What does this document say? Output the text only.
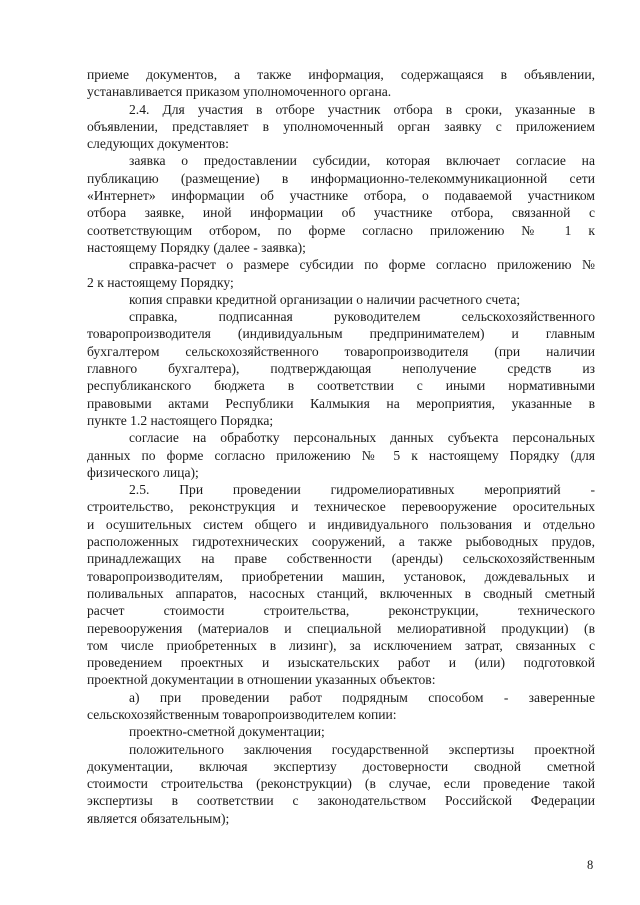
приеме документов, а также информация, содержащаяся в объявлении,
устанавливается приказом уполномоченного органа.
2.4. Для участия в отборе участник отбора в сроки, указанные в
объявлении, представляет в уполномоченный орган заявку с приложением
следующих документов:
заявка о предоставлении субсидии, которая включает согласие на
публикацию (размещение) в информационно-телекоммуникационной сети
«Интернет» информации об участнике отбора, о подаваемой участником
отбора заявке, иной информации об участнике отбора, связанной с
соответствующим отбором, по форме согласно приложению № 1 к
настоящему Порядку (далее - заявка);
справка-расчет о размере субсидии по форме согласно приложению №
2 к настоящему Порядку;
копия справки кредитной организации о наличии расчетного счета;
справка, подписанная руководителем сельскохозяйственного
товаропроизводителя (индивидуальным предпринимателем) и главным
бухгалтером сельскохозяйственного товаропроизводителя (при наличии
главного бухгалтера), подтверждающая неполучение средств из
республиканского бюджета в соответствии с иными нормативными
правовыми актами Республики Калмыкия на мероприятия, указанные в
пункте 1.2 настоящего Порядка;
согласие на обработку персональных данных субъекта персональных
данных по форме согласно приложению № 5 к настоящему Порядку (для
физического лица);
2.5. При проведении гидромелиоративных мероприятий -
строительство, реконструкция и техническое перевооружение оросительных
и осушительных систем общего и индивидуального пользования и отдельно
расположенных гидротехнических сооружений, а также рыбоводных прудов,
принадлежащих на праве собственности (аренды) сельскохозяйственным
товаропроизводителям, приобретении машин, установок, дождевальных и
поливальных аппаратов, насосных станций, включенных в сводный сметный
расчет стоимости строительства, реконструкции, технического
перевооружения (материалов и специальной мелиоративной продукции) (в
том числе приобретенных в лизинг), за исключением затрат, связанных с
проведением проектных и изыскательских работ и (или) подготовкой
проектной документации в отношении указанных объектов:
а) при проведении работ подрядным способом - заверенные
сельскохозяйственным товаропроизводителем копии:
проектно-сметной документации;
положительного заключения государственной экспертизы проектной
документации, включая экспертизу достоверности сводной сметной
стоимости строительства (реконструкции) (в случае, если проведение такой
экспертизы в соответствии с законодательством Российской Федерации
является обязательным);
8
